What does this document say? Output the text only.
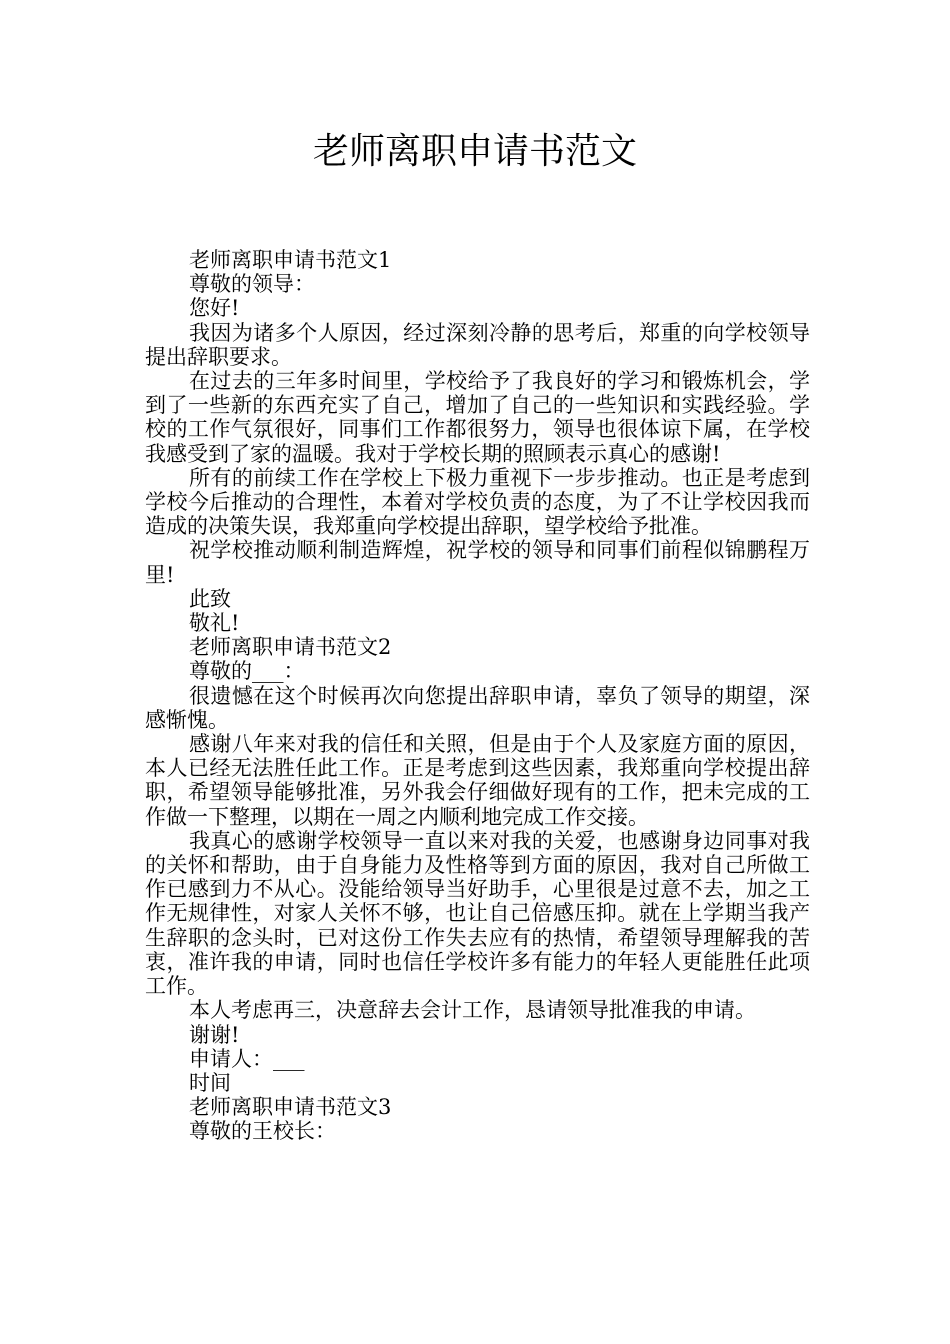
老师离职申请书范文

老师离职申请书范文1

尊敬的领导：

您好!

我因为诸多个人原因，经过深刻冷静的思考后，郑重的向学校领导提出辞职要求。

在过去的三年多时间里，学校给予了我良好的学习和锻炼机会，学到了一些新的东西充实了自己，增加了自己的一些知识和实践经验。学校的工作气氛很好，同事们工作都很努力，领导也很体谅下属，在学校我感受到了家的温暖。我对于学校长期的照顾表示真心的感谢!

所有的前续工作在学校上下极力重视下一步步推动。也正是考虑到学校今后推动的合理性，本着对学校负责的态度，为了不让学校因我而造成的决策失误，我郑重向学校提出辞职，望学校给予批准。

祝学校推动顺利制造辉煌，祝学校的领导和同事们前程似锦鹏程万里!

此致

敬礼!

老师离职申请书范文2

尊敬的___：

很遗憾在这个时候再次向您提出辞职申请，辜负了领导的期望，深感惭愧。

感谢八年来对我的信任和关照，但是由于个人及家庭方面的原因，本人已经无法胜任此工作。正是考虑到这些因素，我郑重向学校提出辞职，希望领导能够批准，另外我会仔细做好现有的工作，把未完成的工作做一下整理，以期在一周之内顺利地完成工作交接。

我真心的感谢学校领导一直以来对我的关爱，也感谢身边同事对我的关怀和帮助，由于自身能力及性格等到方面的原因，我对自己所做工作已感到力不从心。没能给领导当好助手，心里很是过意不去，加之工作无规律性，对家人关怀不够，也让自己倍感压抑。就在上学期当我产生辞职的念头时，已对这份工作失去应有的热情，希望领导理解我的苦衷，准许我的申请，同时也信任学校许多有能力的年轻人更能胜任此项工作。

本人考虑再三，决意辞去会计工作，恳请领导批准我的申请。

谢谢!

申请人：___

时间

老师离职申请书范文3

尊敬的王校长：
